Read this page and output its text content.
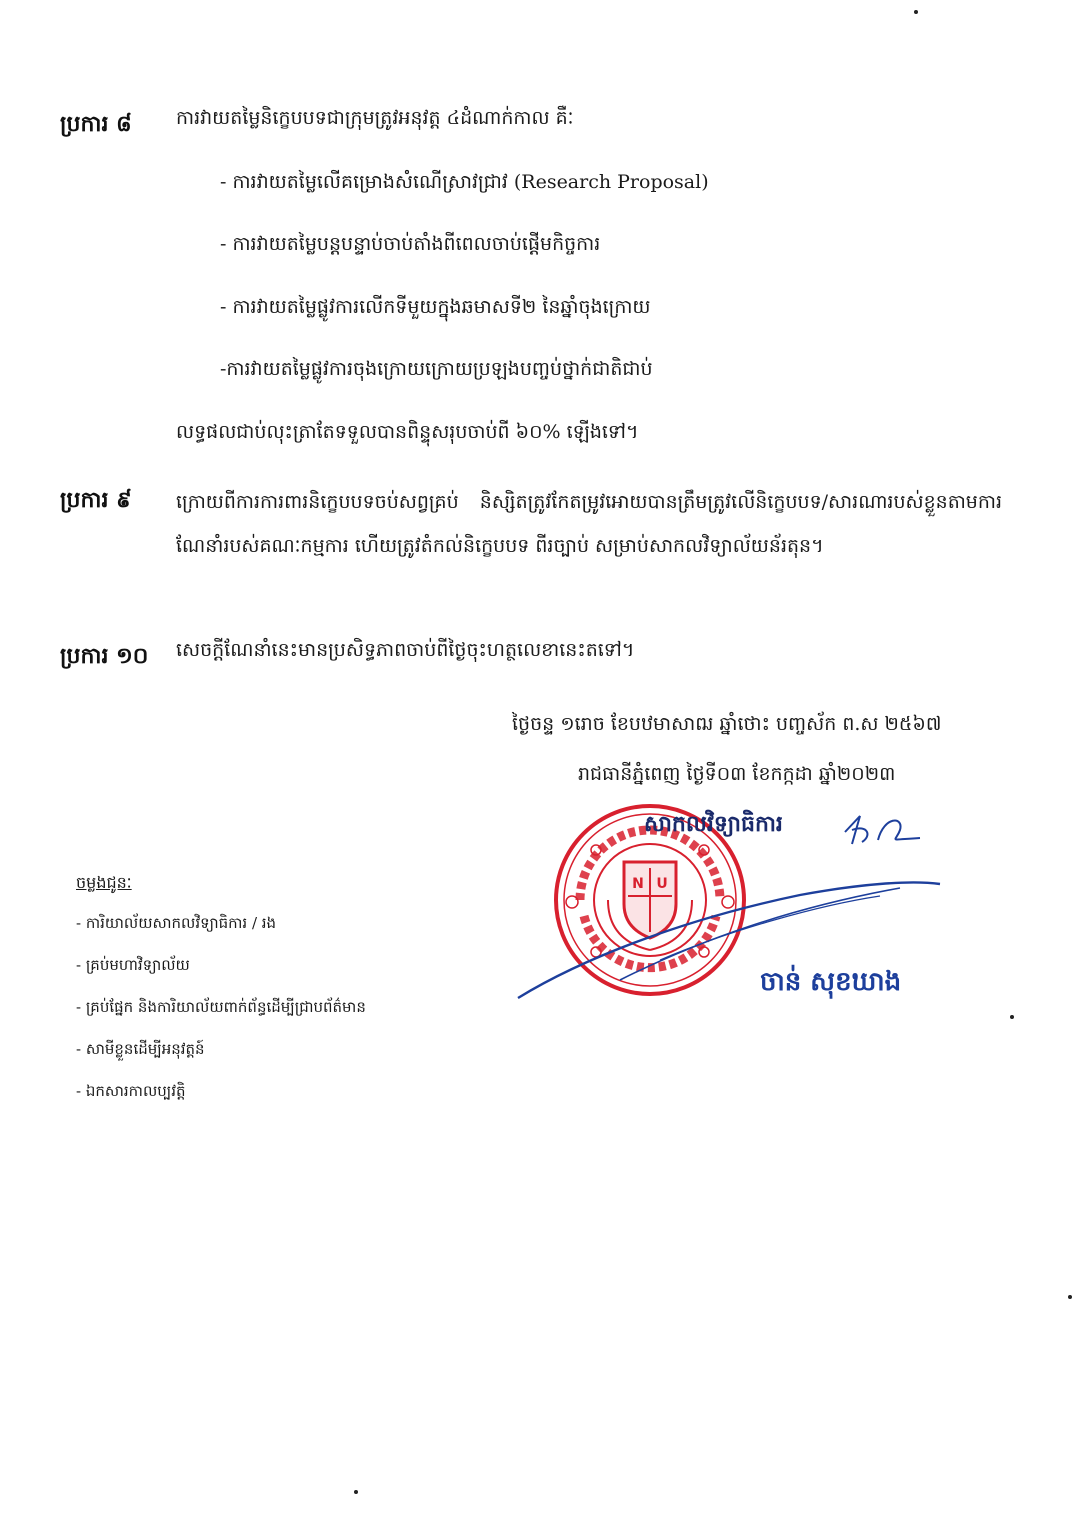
ប្រការ ៨ ការវាយតម្លៃនិក្ខេបបទជាក្រុមត្រូវអនុវត្ត ៤ដំណាក់កាល គឺៈ
- ការវាយតម្លៃលើគម្រោងសំណើស្រាវជ្រាវ (Research Proposal)
- ការវាយតម្លៃបន្តបន្ទាប់ចាប់តាំងពីពេលចាប់ផ្តើមកិច្ចការ
- ការវាយតម្លៃផ្លូវការលើកទីមួយក្នុងឆមាសទី២ នៃឆ្នាំចុងក្រោយ
-ការវាយតម្លៃផ្លូវការចុងក្រោយក្រោយប្រឡងបញ្ចប់ថ្នាក់ជាតិជាប់
លទ្ធផលជាប់លុះត្រាតែទទួលបានពិន្ទុសរុបចាប់ពី ៦០% ឡើងទៅ។
ប្រការ ៩ ក្រោយពីការការពារនិក្ខេបបទចប់សព្វគ្រប់ និស្សិតត្រូវកែតម្រូវអោយបានត្រឹមត្រូវលើនិក្ខេបបទ/សារណារបស់ខ្លួនតាមការណែនាំរបស់គណៈកម្មការ ហើយត្រូវតំកល់និក្ខេបបទ ពីរច្បាប់ សម្រាប់សាកលវិទ្យាល័យន័រតុន។
ប្រការ ១០ សេចក្តីណែនាំនេះមានប្រសិទ្ធភាពចាប់ពីថ្ងៃចុះហត្ថលេខានេះតទៅ។
ថ្ងៃចន្ទ ១រោច ខែបឋមាសាឍ ឆ្នាំថោះ បញ្ចស័ក ព.ស ២៥៦៧
រាជធានីភ្នំពេញ ថ្ងៃទី០៣ ខែកក្កដា ឆ្នាំ២០២៣
N U
សាកលវិទ្យាធិការ
ចាន់ សុខឃាង
ចម្លងជូនៈ
- ការិយាល័យសាកលវិទ្យាធិការ / រង
- គ្រប់មហាវិទ្យាល័យ
- គ្រប់ផ្នែក និងការិយាល័យពាក់ព័ន្ធដើម្បីជ្រាបព័ត៌មាន
- សាមីខ្លួនដើម្បីអនុវត្តន៍
- ឯកសារកាលប្បវត្តិ
